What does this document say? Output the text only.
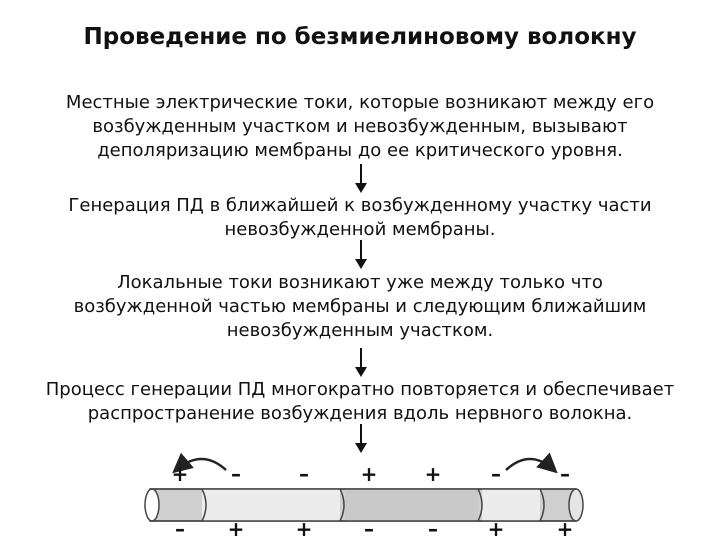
Проведение по безмиелиновому волокну
Местные электрические токи, которые возникают между его
возбужденным участком и невозбужденным, вызывают
деполяризацию мембраны до ее критического уровня.
Генерация ПД в ближайшей к возбужденному участку части
невозбужденной мембраны.
Локальные токи возникают уже между только что
возбужденной частью мембраны и следующим ближайшим
невозбужденным участком.
Процесс генерации ПД многократно повторяется и обеспечивает
распространение возбуждения вдоль нервного волокна.
+ –	–	+ + –	–
– +	+	–	– +	+
